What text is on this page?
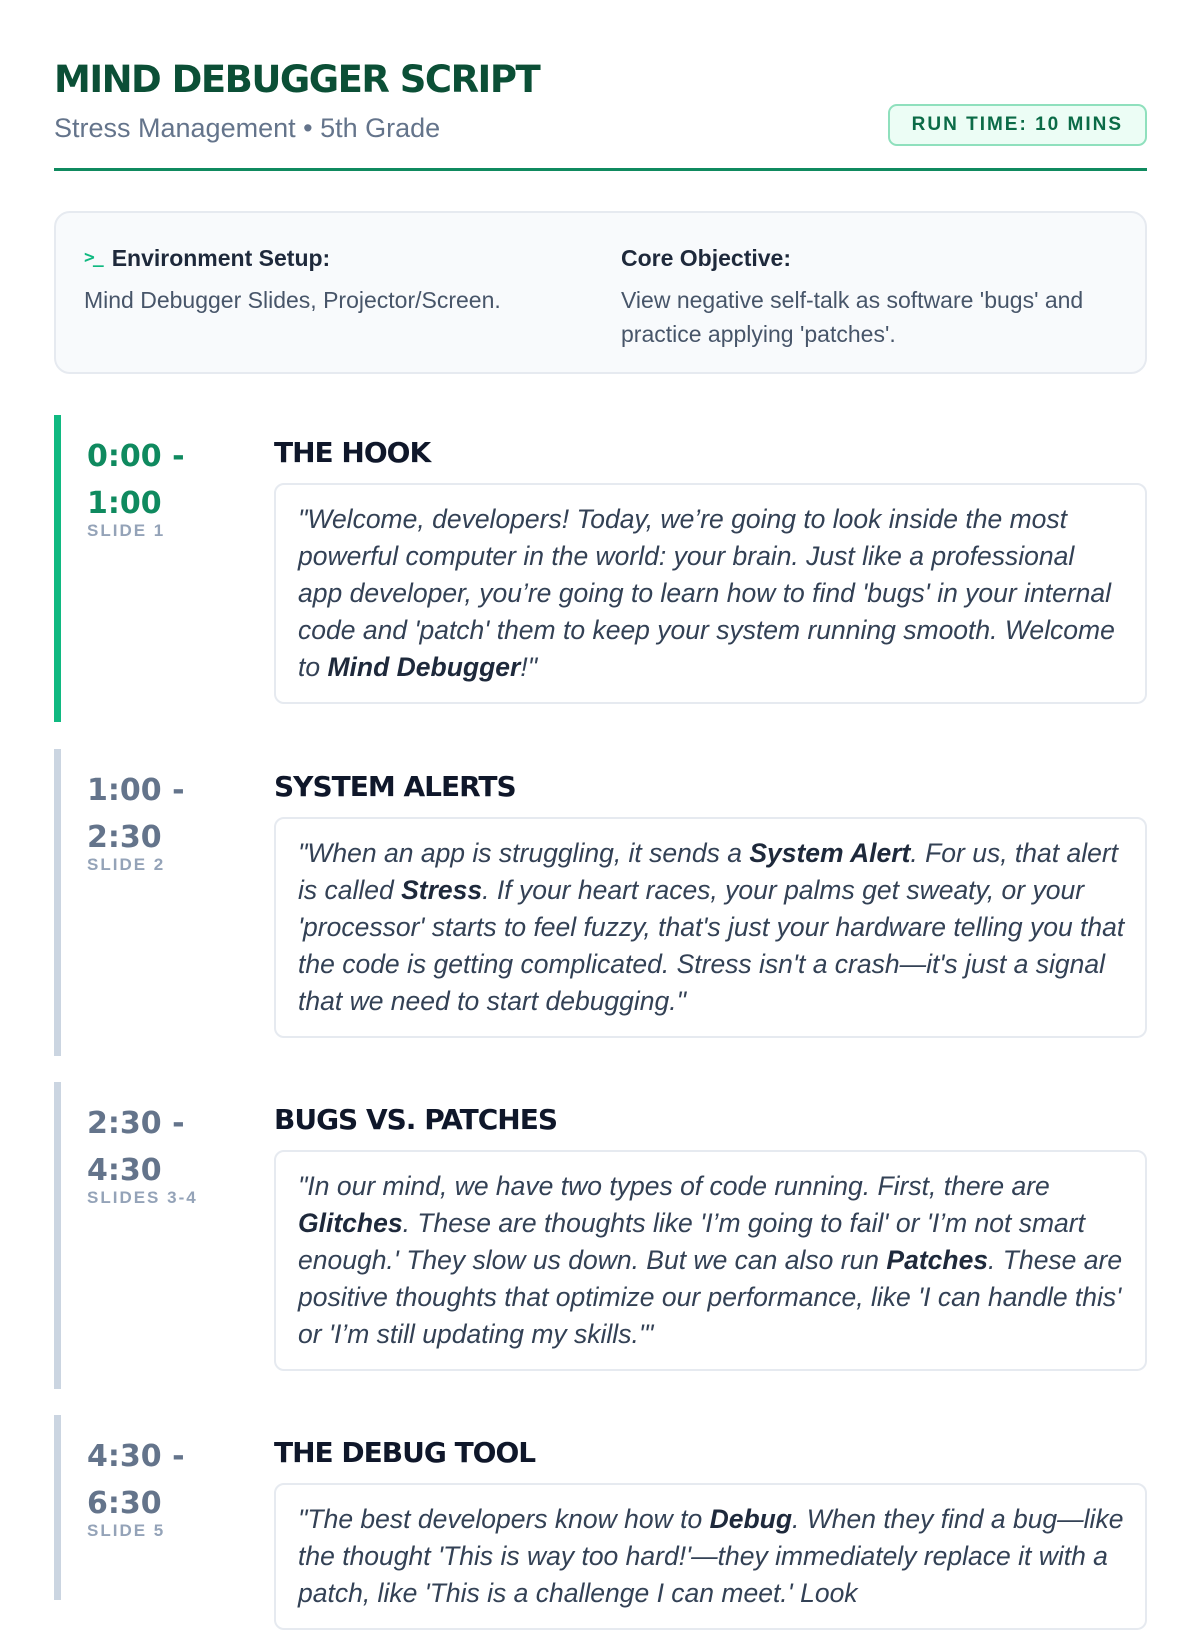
MIND DEBUGGER SCRIPT
Stress Management • 5th Grade	RUN TIME: 10 MINS
>_ Environment Setup:
Mind Debugger Slides, Projector/Screen.
Core Objective:
View negative self-talk as software 'bugs' and practice applying 'patches'.
0:00 -
1:00
SLIDE 1
THE HOOK
"Welcome, developers! Today, we’re going to look inside the most powerful computer in the world: your brain. Just like a professional app developer, you’re going to learn how to find 'bugs' in your internal code and 'patch' them to keep your system running smooth. Welcome to Mind Debugger!"
1:00 -
2:30
SLIDE 2
SYSTEM ALERTS
"When an app is struggling, it sends a System Alert. For us, that alert is called Stress. If your heart races, your palms get sweaty, or your 'processor' starts to feel fuzzy, that's just your hardware telling you that the code is getting complicated. Stress isn't a crash—it's just a signal that we need to start debugging."
2:30 -
4:30
SLIDES 3-4
BUGS VS. PATCHES
"In our mind, we have two types of code running. First, there are Glitches. These are thoughts like 'I’m going to fail' or 'I’m not smart enough.' They slow us down. But we can also run Patches. These are positive thoughts that optimize our performance, like 'I can handle this' or 'I’m still updating my skills.'"
4:30 -
6:30
SLIDE 5
THE DEBUG TOOL
"The best developers know how to Debug. When they find a bug—like the thought 'This is way too hard!'—they immediately replace it with a patch, like 'This is a challenge I can meet.' Look
